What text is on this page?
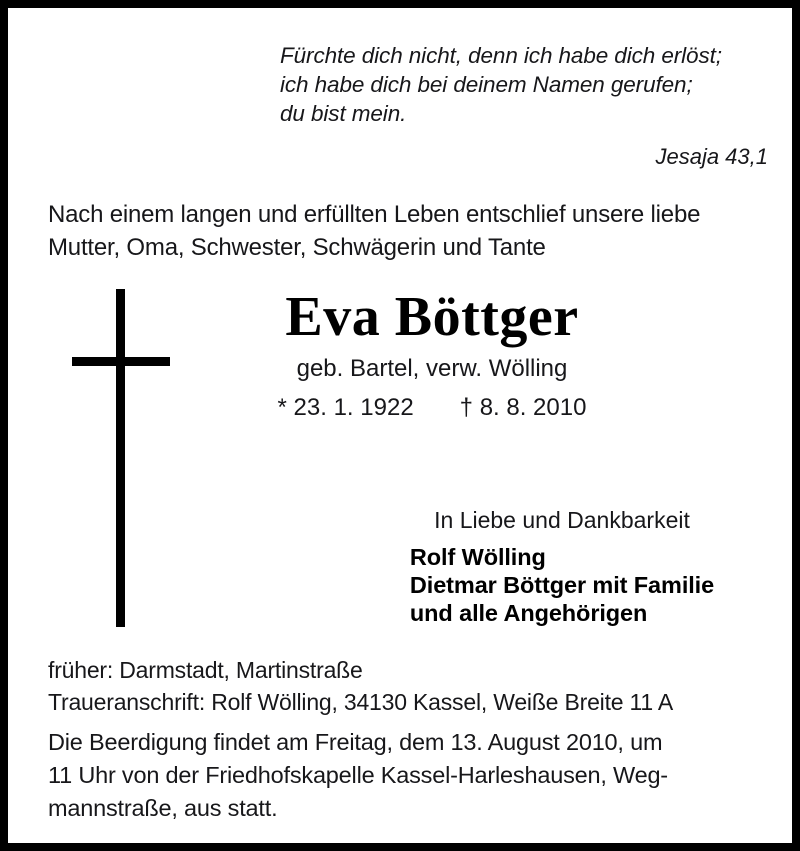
Fürchte dich nicht, denn ich habe dich erlöst;
ich habe dich bei deinem Namen gerufen;
du bist mein.
Jesaja 43,1
Nach einem langen und erfüllten Leben entschlief unsere liebe
Mutter, Oma, Schwester, Schwägerin und Tante
Eva Böttger
geb. Bartel, verw. Wölling
* 23. 1. 1922 † 8. 8. 2010
In Liebe und Dankbarkeit
Rolf Wölling
Dietmar Böttger mit Familie
und alle Angehörigen
früher: Darmstadt, Martinstraße
Traueranschrift: Rolf Wölling, 34130 Kassel, Weiße Breite 11 A
Die Beerdigung findet am Freitag, dem 13. August 2010, um
11 Uhr von der Friedhofskapelle Kassel-Harleshausen, Weg-
mannstraße, aus statt.
